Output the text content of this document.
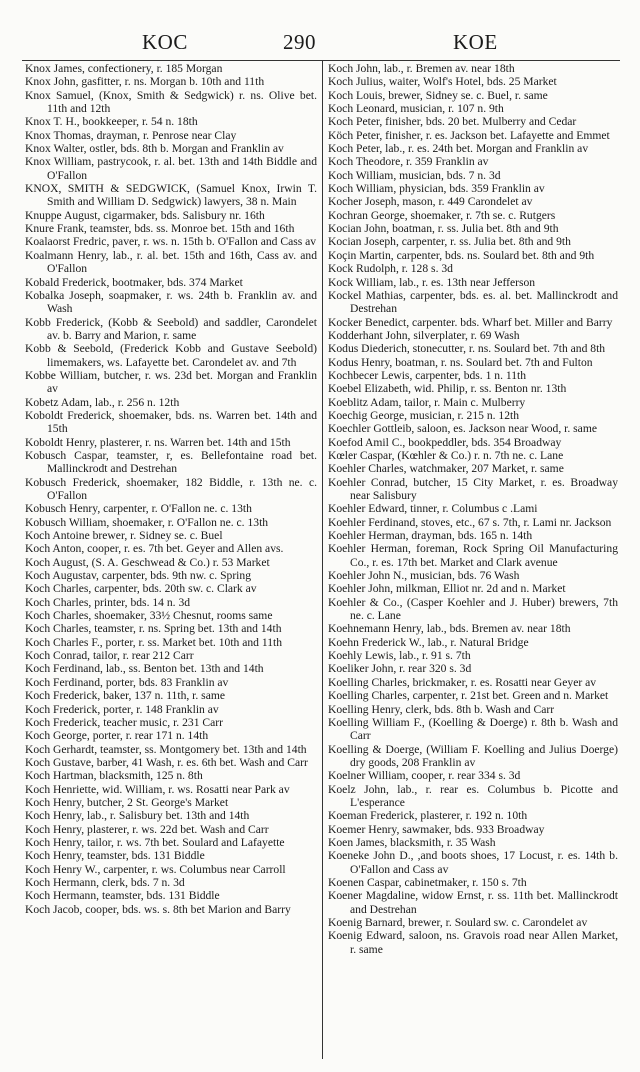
KOC	290	KOE
Knox James, confectionery, r. 185 Morgan
Knox John, gasfitter, r. ns. Morgan b. 10th and 11th
Knox Samuel, (Knox, Smith & Sedgwick) r. ns. Olive bet. 11th and 12th
Knox T. H., bookkeeper, r. 54 n. 18th
Knox Thomas, drayman, r. Penrose near Clay
Knox Walter, ostler, bds. 8th b. Morgan and Franklin av
Knox William, pastrycook, r. al. bet. 13th and 14th Biddle and O'Fallon
KNOX, SMITH & SEDGWICK, (Samuel Knox, Irwin T. Smith and William D. Sedgwick) lawyers, 38 n. Main
Knuppe August, cigarmaker, bds. Salisbury nr. 16th
Knure Frank, teamster, bds. ss. Monroe bet. 15th and 16th
Koalaorst Fredric, paver, r. ws. n. 15th b. O'Fallon and Cass av
Koalmann Henry, lab., r. al. bet. 15th and 16th, Cass av. and O'Fallon
Kobald Frederick, bootmaker, bds. 374 Market
Kobalka Joseph, soapmaker, r. ws. 24th b. Franklin av. and Wash
Kobb Frederick, (Kobb & Seebold) and saddler, Carondelet av. b. Barry and Marion, r. same
Kobb & Seebold, (Frederick Kobb and Gustave Seebold) limemakers, ws. Lafayette bet. Carondelet av. and 7th
Kobbe William, butcher, r. ws. 23d bet. Morgan and Franklin av
Kobetz Adam, lab., r. 256 n. 12th
Koboldt Frederick, shoemaker, bds. ns. Warren bet. 14th and 15th
Koboldt Henry, plasterer, r. ns. Warren bet. 14th and 15th
Kobusch Caspar, teamster, r, es. Bellefontaine road bet. Mallinckrodt and Destrehan
Kobusch Frederick, shoemaker, 182 Biddle, r. 13th ne. c. O'Fallon
Kobusch Henry, carpenter, r. O'Fallon ne. c. 13th
Kobusch William, shoemaker, r. O'Fallon ne. c. 13th
Koch Antoine brewer, r. Sidney se. c. Buel
Koch Anton, cooper, r. es. 7th bet. Geyer and Allen avs.
Koch August, (S. A. Geschwead & Co.) r. 53 Market
Koch Augustav, carpenter, bds. 9th nw. c. Spring
Koch Charles, carpenter, bds. 20th sw. c. Clark av
Koch Charles, printer, bds. 14 n. 3d
Koch Charles, shoemaker, 33½ Chesnut, rooms same
Koch Charles, teamster, r. ns. Spring bet. 13th and 14th
Koch Charles F., porter, r. ss. Market bet. 10th and 11th
Koch Conrad, tailor, r. rear 212 Carr
Koch Ferdinand, lab., ss. Benton bet. 13th and 14th
Koch Ferdinand, porter, bds. 83 Franklin av
Koch Frederick, baker, 137 n. 11th, r. same
Koch Frederick, porter, r. 148 Franklin av
Koch Frederick, teacher music, r. 231 Carr
Koch George, porter, r. rear 171 n. 14th
Koch Gerhardt, teamster, ss. Montgomery bet. 13th and 14th
Koch Gustave, barber, 41 Wash, r. es. 6th bet. Wash and Carr
Koch Hartman, blacksmith, 125 n. 8th
Koch Henriette, wid. William, r. ws. Rosatti near Park av
Koch Henry, butcher, 2 St. George's Market
Koch Henry, lab., r. Salisbury bet. 13th and 14th
Koch Henry, plasterer, r. ws. 22d bet. Wash and Carr
Koch Henry, tailor, r. ws. 7th bet. Soulard and Lafayette
Koch Henry, teamster, bds. 131 Biddle
Koch Henry W., carpenter, r. ws. Columbus near Carroll
Koch Hermann, clerk, bds. 7 n. 3d
Koch Hermann, teamster, bds. 131 Biddle
Koch Jacob, cooper, bds. ws. s. 8th bet Marion and Barry
Koch John, lab., r. Bremen av. near 18th
Koch Julius, waiter, Wolf's Hotel, bds. 25 Market
Koch Louis, brewer, Sidney se. c. Buel, r. same
Koch Leonard, musician, r. 107 n. 9th
Koch Peter, finisher, bds. 20 bet. Mulberry and Cedar
Köch Peter, finisher, r. es. Jackson bet. Lafayette and Emmet
Koch Peter, lab., r. es. 24th bet. Morgan and Franklin av
Koch Theodore, r. 359 Franklin av
Koch William, musician, bds. 7 n. 3d
Koch William, physician, bds. 359 Franklin av
Kocher Joseph, mason, r. 449 Carondelet av
Kochran George, shoemaker, r. 7th se. c. Rutgers
Kocian John, boatman, r. ss. Julia bet. 8th and 9th
Kocian Joseph, carpenter, r. ss. Julia bet. 8th and 9th
Koçin Martin, carpenter, bds. ns. Soulard bet. 8th and 9th
Kock Rudolph, r. 128 s. 3d
Kock William, lab., r. es. 13th near Jefferson
Kockel Mathias, carpenter, bds. es. al. bet. Mallinckrodt and Destrehan
Kocker Benedict, carpenter. bds. Wharf bet. Miller and Barry
Kodderhant John, silverplater, r. 69 Wash
Kodus Diederich, stonecutter, r. ns. Soulard bet. 7th and 8th
Kodus Henry, boatman, r. ns. Soulard bet. 7th and Fulton
Kochbecer Lewis, carpenter, bds. 1 n. 11th
Koebel Elizabeth, wid. Philip, r. ss. Benton nr. 13th
Koeblitz Adam, tailor, r. Main c. Mulberry
Koechig George, musician, r. 215 n. 12th
Koechler Gottleib, saloon, es. Jackson near Wood, r. same
Koefod Amil C., bookpeddler, bds. 354 Broadway
Kœler Caspar, (Kœhler & Co.) r. n. 7th ne. c. Lane
Koehler Charles, watchmaker, 207 Market, r. same
Koehler Conrad, butcher, 15 City Market, r. es. Broadway near Salisbury
Koehler Edward, tinner, r. Columbus c .Lami
Koehler Ferdinand, stoves, etc., 67 s. 7th, r. Lami nr. Jackson
Koehler Herman, drayman, bds. 165 n. 14th
Koehler Herman, foreman, Rock Spring Oil Manufacturing Co., r. es. 17th bet. Market and Clark avenue
Koehler John N., musician, bds. 76 Wash
Koehler John, milkman, Elliot nr. 2d and n. Market
Koehler & Co., (Casper Koehler and J. Huber) brewers, 7th ne. c. Lane
Koehnemann Henry, lab., bds. Bremen av. near 18th
Koehn Frederick W., lab., r. Natural Bridge
Koehly Lewis, lab., r. 91 s. 7th
Koeliker John, r. rear 320 s. 3d
Koelling Charles, brickmaker, r. es. Rosatti near Geyer av
Koelling Charles, carpenter, r. 21st bet. Green and n. Market
Koelling Henry, clerk, bds. 8th b. Wash and Carr
Koelling William F., (Koelling & Doerge) r. 8th b. Wash and Carr
Koelling & Doerge, (William F. Koelling and Julius Doerge) dry goods, 208 Franklin av
Koelner William, cooper, r. rear 334 s. 3d
Koelz John, lab., r. rear es. Columbus b. Picotte and L'esperance
Koeman Frederick, plasterer, r. 192 n. 10th
Koemer Henry, sawmaker, bds. 933 Broadway
Koen James, blacksmith, r. 35 Wash
Koeneke John D., ,and boots shoes, 17 Locust, r. es. 14th b. O'Fallon and Cass av
Koenen Caspar, cabinetmaker, r. 150 s. 7th
Koener Magdaline, widow Ernst, r. ss. 11th bet. Mallinckrodt and Destrehan
Koenig Barnard, brewer, r. Soulard sw. c. Carondelet av
Koenig Edward, saloon, ns. Gravois road near Allen Market, r. same
